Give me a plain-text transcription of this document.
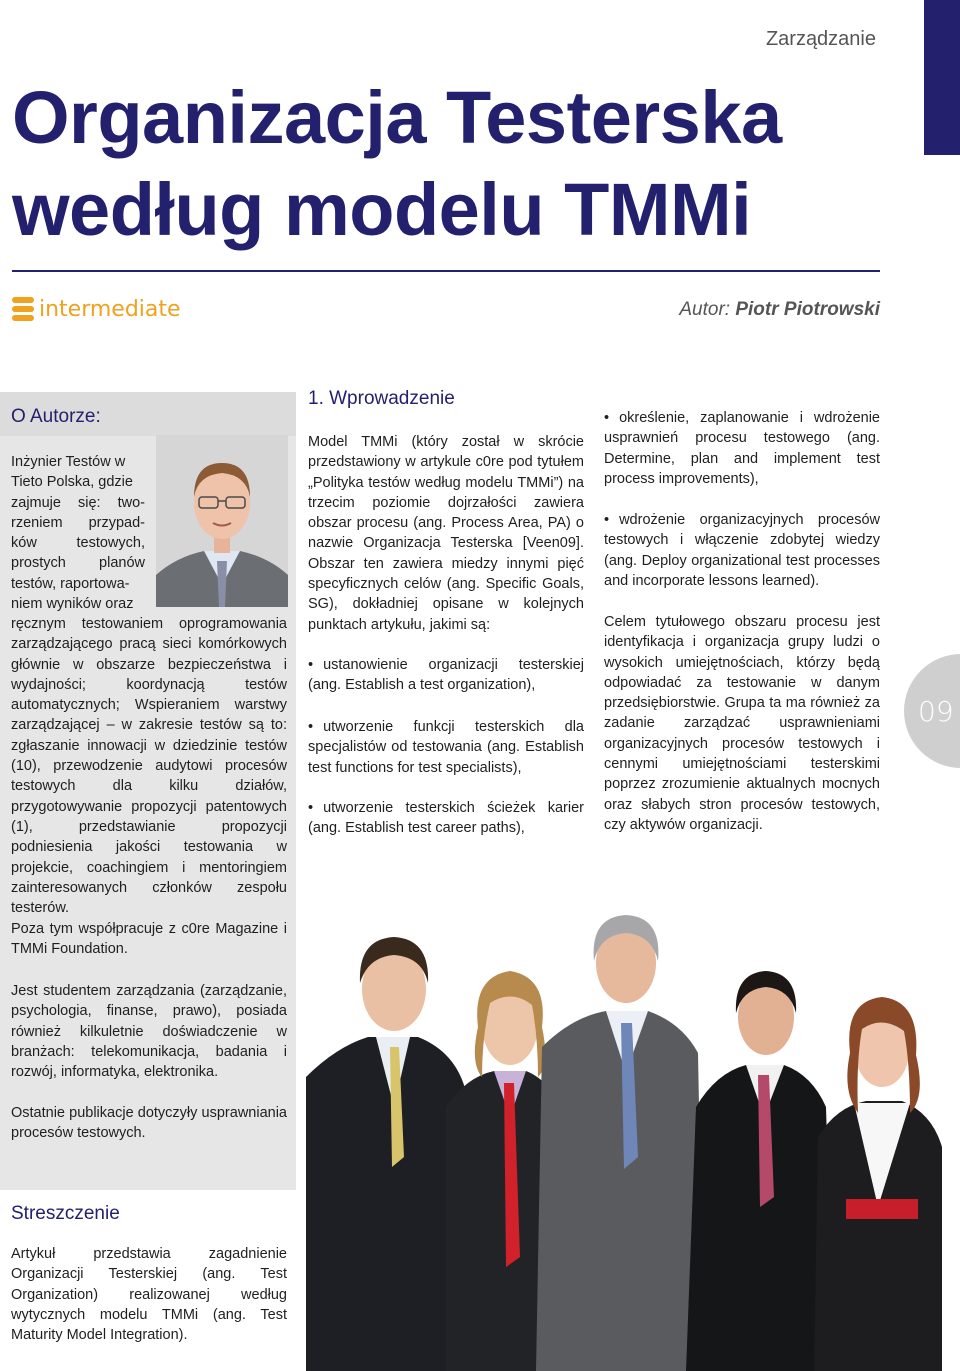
Zarządzanie
Organizacja Testerska
według modelu TMMi
intermediate	Autor: Piotr Piotrowski
O Autorze:
Inżynier Testów w
Tieto Polska, gdzie
zajmuje się: two-
rzeniem przypad-
ków testowych,
prostych planów
testów, raportowa-
niem wyników oraz
ręcznym testowaniem oprogramowania zarządzającego pracą sieci komórkowych głównie w obszarze bezpieczeństwa i wydajności; koordynacją testów automatycznych; Wspieraniem warstwy zarządzającej – w zakresie testów są to: zgłaszanie innowacji w dziedzinie testów (10), przewodzenie audytowi procesów testowych dla kilku działów, przygotowywanie propozycji patentowych (1), przedstawianie propozycji podniesienia jakości testowania w projekcie, coachingiem i mentoringiem zainteresowanych członków zespołu testerów.
Poza tym współpracuje z c0re Magazine i TMMi Foundation.
Jest studentem zarządzania (zarządzanie, psychologia, finanse, prawo), posiada również kilkuletnie doświadczenie w branżach: telekomunikacja, badania i rozwój, informatyka, elektronika.
Ostatnie publikacje dotyczyły usprawniania procesów testowych.
Streszczenie
Artykuł przedstawia zagadnienie Organizacji Testerskiej (ang. Test Organization) realizowanej według wytycznych modelu TMMi (ang. Test Maturity Model Integration).
1. Wprowadzenie
Model TMMi (który został w skrócie przedstawiony w artykule c0re pod tytułem „Polityka testów według modelu TMMi”) na trzecim poziomie dojrzałości zawiera obszar procesu (ang. Process Area, PA) o nazwie Organizacja Testerska [Veen09]. Obszar ten zawiera miedzy innymi pięć specyficznych celów (ang. Specific Goals, SG), dokładniej opisane w kolejnych punktach artykułu, jakimi są:
• ustanowienie organizacji testerskiej (ang. Establish a test organization),
• utworzenie funkcji testerskich dla specjalistów od testowania (ang. Establish test functions for test specialists),
• utworzenie testerskich ścieżek karier (ang. Establish test career paths),
• określenie, zaplanowanie i wdrożenie usprawnień procesu testowego (ang. Determine, plan and implement test process improvements),
• wdrożenie organizacyjnych procesów testowych i włączenie zdobytej wiedzy (ang. Deploy organizational test processes and incorporate lessons learned).
Celem tytułowego obszaru procesu jest identyfikacja i organizacja grupy ludzi o wysokich umiejętnościach, którzy będą odpowiadać za testowanie w danym przedsiębiorstwie. Grupa ta ma również za zadanie zarządzać usprawnieniami organizacyjnych procesów testowych i cennymi umiejętnościami testerskimi poprzez zrozumienie aktualnych mocnych oraz słabych stron procesów testowych, czy aktywów organizacji.
09
